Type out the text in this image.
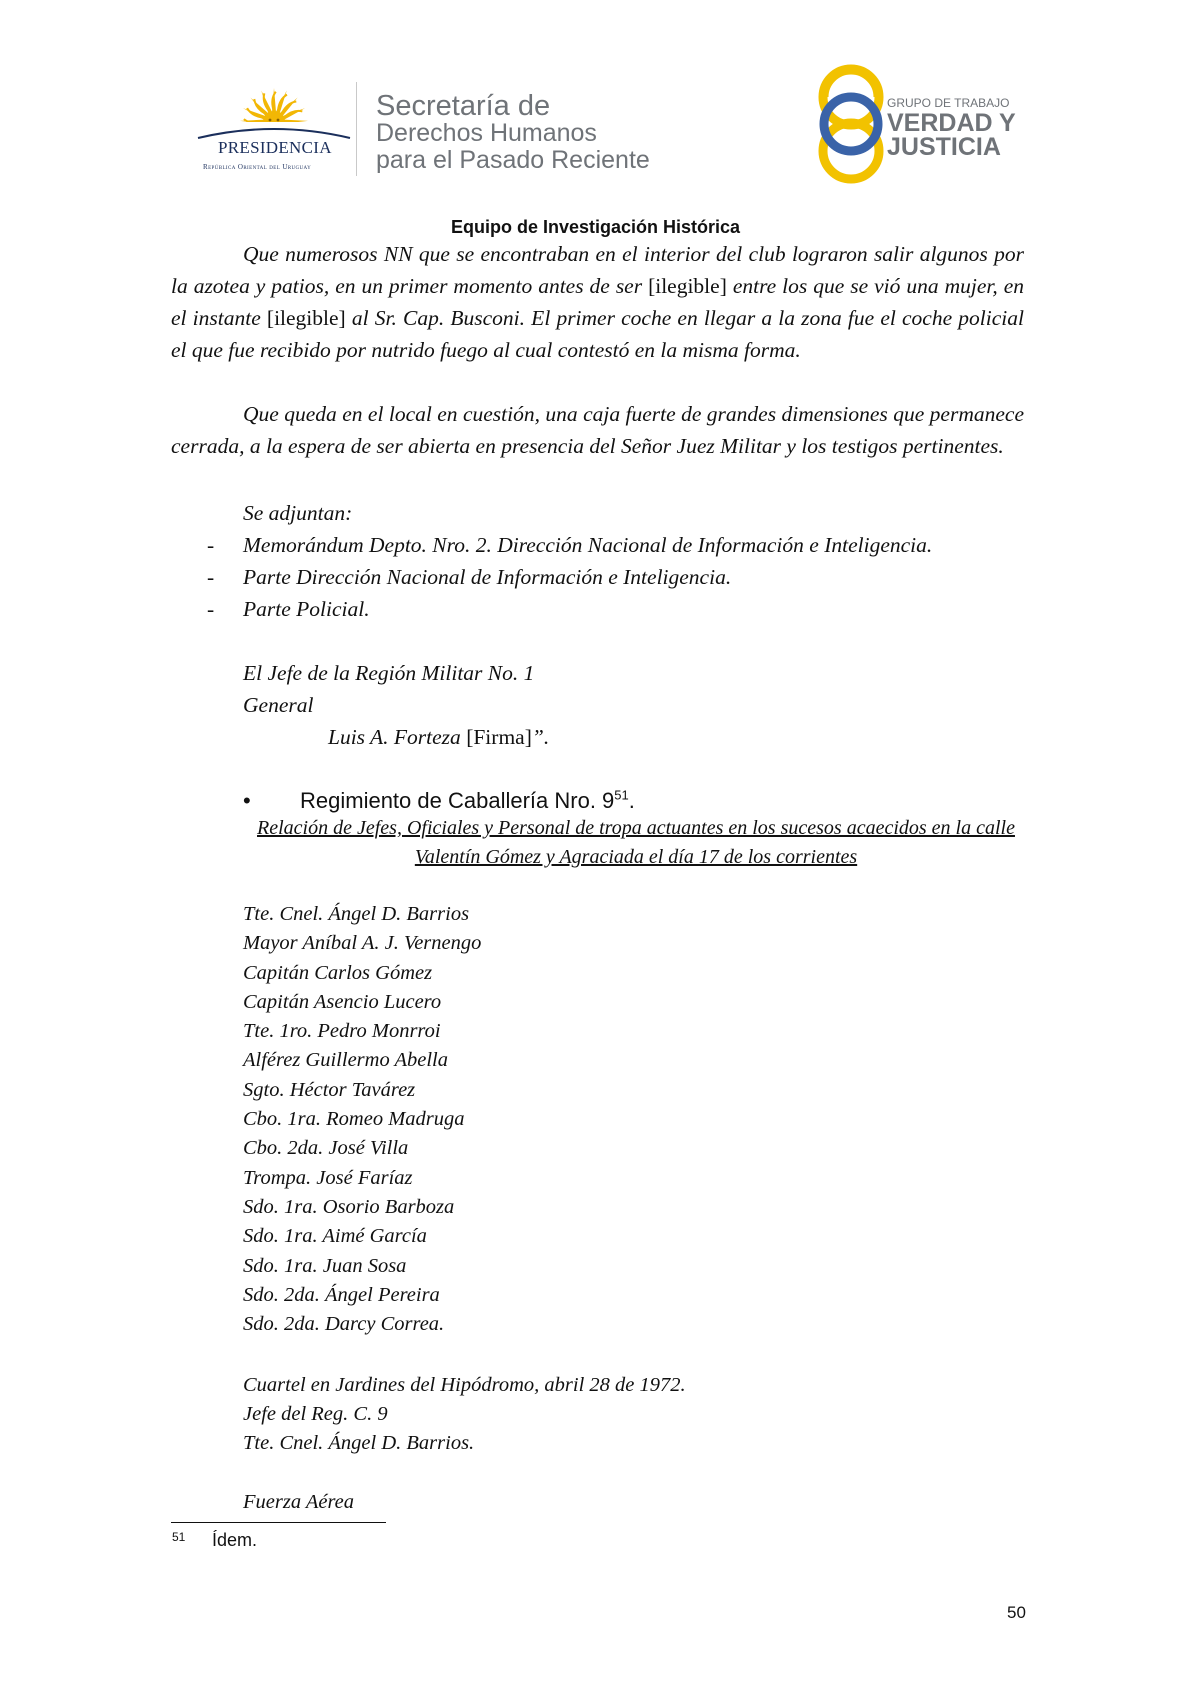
PRESIDENCIA
República Oriental del Uruguay
Secretaría de
Derechos Humanos
para el Pasado Reciente
GRUPO DE TRABAJO
VERDAD Y
JUSTICIA
Equipo de Investigación Histórica

Que numerosos NN que se encontraban en el interior del club lograron salir algunos por la azotea y patios, en un primer momento antes de ser [ilegible] entre los que se vió una mujer, en el instante [ilegible] al Sr. Cap. Busconi. El primer coche en llegar a la zona fue el coche policial el que fue recibido por nutrido fuego al cual contestó en la misma forma.

Que queda en el local en cuestión, una caja fuerte de grandes dimensiones que permanece cerrada, a la espera de ser abierta en presencia del Señor Juez Militar y los testigos pertinentes.

Se adjuntan:
- Memorándum Depto. Nro. 2. Dirección Nacional de Información e Inteligencia.
- Parte Dirección Nacional de Información e Inteligencia.
- Parte Policial.
El Jefe de la Región Militar No. 1
General
Luis A. Forteza [Firma]”.
• Regimiento de Caballería Nro. $9^{51}$.
Relación de Jefes, Oficiales y Personal de tropa actuantes en los sucesos acaecidos en la calle Valentín Gómez y Agraciada el día 17 de los corrientes
Tte. Cnel. Ángel D. Barrios
Mayor Aníbal A. J. Vernengo
Capitán Carlos Gómez
Capitán Asencio Lucero
Tte. 1ro. Pedro Monrroi
Alférez Guillermo Abella
Sgto. Héctor Tavárez
Cbo. 1ra. Romeo Madruga
Cbo. 2da. José Villa
Trompa. José Faríaz
Sdo. 1ra. Osorio Barboza
Sdo. 1ra. Aimé García
Sdo. 1ra. Juan Sosa
Sdo. 2da. Ángel Pereira
Sdo. 2da. Darcy Correa.
Cuartel en Jardines del Hipódromo, abril 28 de 1972.
Jefe del Reg. C. 9
Tte. Cnel. Ángel D. Barrios.
Fuerza Aérea
51 Ídem.
50
